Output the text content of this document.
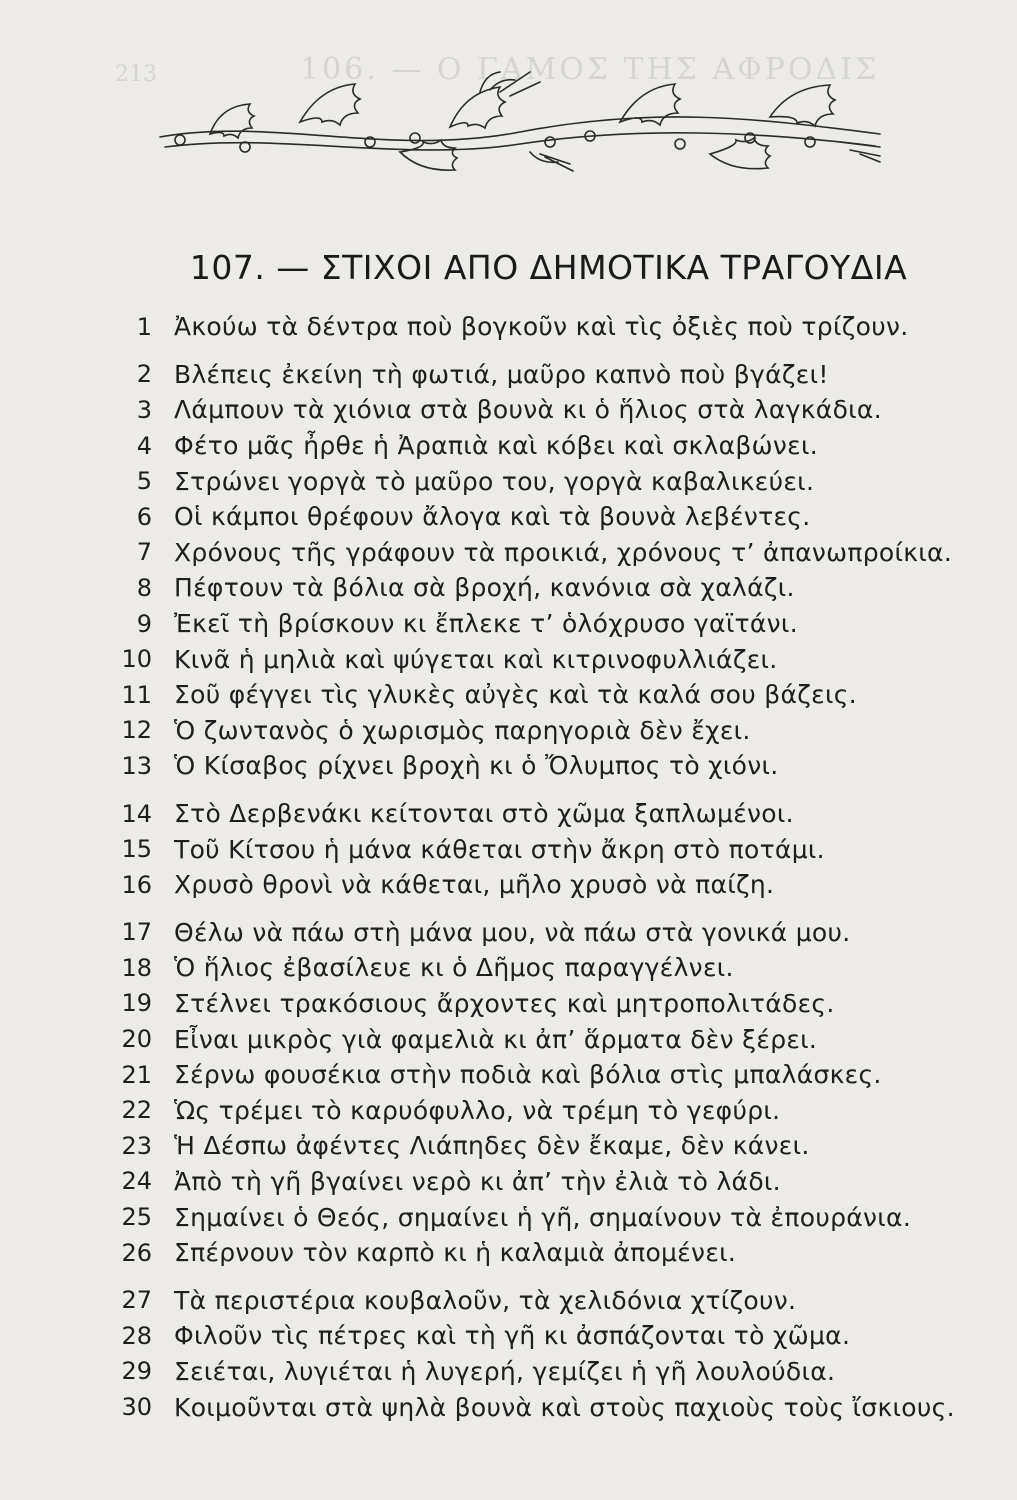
213	106. — Ο ΓΑΜΟΣ ΤΗΣ ΑΦΡΟΔΙΣ
107. — ΣΤΙΧΟΙ ΑΠΟ ΔΗΜΟΤΙΚΑ ΤΡΑΓΟΥΔΙΑ
1 Ἀκούω τὰ δέντρα ποὺ βογκοῦν καὶ τὶς ὀξιὲς ποὺ τρίζουν.
2 Βλέπεις ἐκείνη τὴ φωτιά, μαῦρο καπνὸ ποὺ βγάζει!
3 Λάμπουν τὰ χιόνια στὰ βουνὰ κι ὁ ἥλιος στὰ λαγκάδια.
4 Φέτο μᾶς ἦρθε ἡ Ἀραπιὰ καὶ κόβει καὶ σκλαβώνει.
5 Στρώνει γοργὰ τὸ μαῦρο του, γοργὰ καβαλικεύει.
6 Οἱ κάμποι θρέφουν ἄλογα καὶ τὰ βουνὰ λεβέντες.
7 Χρόνους τῆς γράφουν τὰ προικιά, χρόνους τ’ ἀπανωπροίκια.
8 Πέφτουν τὰ βόλια σὰ βροχή, κανόνια σὰ χαλάζι.
9 Ἐκεῖ τὴ βρίσκουν κι ἔπλεκε τ’ ὁλόχρυσο γαϊτάνι.
10 Κινᾶ ἡ μηλιὰ καὶ ψύγεται καὶ κιτρινοφυλλιάζει.
11 Σοῦ φέγγει τὶς γλυκὲς αὐγὲς καὶ τὰ καλά σου βάζεις.
12 Ὁ ζωντανὸς ὁ χωρισμὸς παρηγοριὰ δὲν ἔχει.
13 Ὁ Κίσαβος ρίχνει βροχὴ κι ὁ Ὄλυμπος τὸ χιόνι.
14 Στὸ Δερβενάκι κείτονται στὸ χῶμα ξαπλωμένοι.
15 Τοῦ Κίτσου ἡ μάνα κάθεται στὴν ἄκρη στὸ ποτάμι.
16 Χρυσὸ θρονὶ νὰ κάθεται, μῆλο χρυσὸ νὰ παίζη.
17 Θέλω νὰ πάω στὴ μάνα μου, νὰ πάω στὰ γονικά μου.
18 Ὁ ἥλιος ἐβασίλευε κι ὁ Δῆμος παραγγέλνει.
19 Στέλνει τρακόσιους ἄρχοντες καὶ μητροπολιτάδες.
20 Εἶναι μικρὸς γιὰ φαμελιὰ κι ἀπ’ ἅρματα δὲν ξέρει.
21 Σέρνω φουσέκια στὴν ποδιὰ καὶ βόλια στὶς μπαλάσκες.
22 Ὡς τρέμει τὸ καρυόφυλλο, νὰ τρέμη τὸ γεφύρι.
23 Ἡ Δέσπω ἀφέντες Λιάπηδες δὲν ἔκαμε, δὲν κάνει.
24 Ἀπὸ τὴ γῆ βγαίνει νερὸ κι ἀπ’ τὴν ἐλιὰ τὸ λάδι.
25 Σημαίνει ὁ Θεός, σημαίνει ἡ γῆ, σημαίνουν τὰ ἐπουράνια.
26 Σπέρνουν τὸν καρπὸ κι ἡ καλαμιὰ ἀπομένει.
27 Τὰ περιστέρια κουβαλοῦν, τὰ χελιδόνια χτίζουν.
28 Φιλοῦν τὶς πέτρες καὶ τὴ γῆ κι ἀσπάζονται τὸ χῶμα.
29 Σειέται, λυγιέται ἡ λυγερή, γεμίζει ἡ γῆ λουλούδια.
30 Κοιμοῦνται στὰ ψηλὰ βουνὰ καὶ στοὺς παχιοὺς τοὺς ἴσκιους.
